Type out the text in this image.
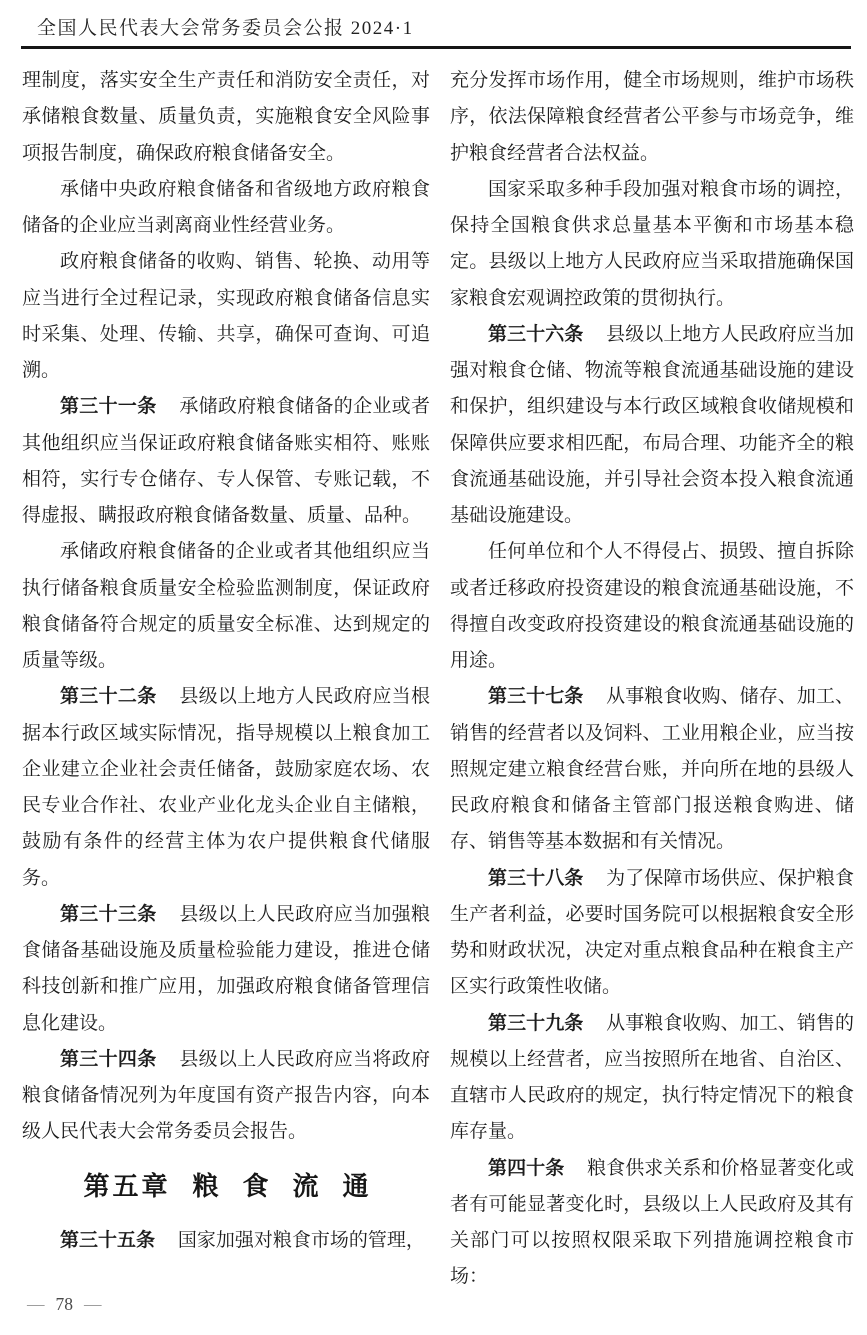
全国人民代表大会常务委员会公报 2024·1

理制度，落实安全生产责任和消防安全责任，对承储粮食数量、质量负责，实施粮食安全风险事项报告制度，确保政府粮食储备安全。

承储中央政府粮食储备和省级地方政府粮食储备的企业应当剥离商业性经营业务。

政府粮食储备的收购、销售、轮换、动用等应当进行全过程记录，实现政府粮食储备信息实时采集、处理、传输、共享，确保可查询、可追溯。

第三十一条 承储政府粮食储备的企业或者其他组织应当保证政府粮食储备账实相符、账账相符，实行专仓储存、专人保管、专账记载，不得虚报、瞒报政府粮食储备数量、质量、品种。

承储政府粮食储备的企业或者其他组织应当执行储备粮食质量安全检验监测制度，保证政府粮食储备符合规定的质量安全标准、达到规定的质量等级。

第三十二条 县级以上地方人民政府应当根据本行政区域实际情况，指导规模以上粮食加工企业建立企业社会责任储备，鼓励家庭农场、农民专业合作社、农业产业化龙头企业自主储粮，鼓励有条件的经营主体为农户提供粮食代储服务。

第三十三条 县级以上人民政府应当加强粮食储备基础设施及质量检验能力建设，推进仓储科技创新和推广应用，加强政府粮食储备管理信息化建设。

第三十四条 县级以上人民政府应当将政府粮食储备情况列为年度国有资产报告内容，向本级人民代表大会常务委员会报告。

第五章 粮食流通

第三十五条 国家加强对粮食市场的管理，

充分发挥市场作用，健全市场规则，维护市场秩序，依法保障粮食经营者公平参与市场竞争，维护粮食经营者合法权益。

国家采取多种手段加强对粮食市场的调控，保持全国粮食供求总量基本平衡和市场基本稳定。县级以上地方人民政府应当采取措施确保国家粮食宏观调控政策的贯彻执行。

第三十六条 县级以上地方人民政府应当加强对粮食仓储、物流等粮食流通基础设施的建设和保护，组织建设与本行政区域粮食收储规模和保障供应要求相匹配，布局合理、功能齐全的粮食流通基础设施，并引导社会资本投入粮食流通基础设施建设。

任何单位和个人不得侵占、损毁、擅自拆除或者迁移政府投资建设的粮食流通基础设施，不得擅自改变政府投资建设的粮食流通基础设施的用途。

第三十七条 从事粮食收购、储存、加工、销售的经营者以及饲料、工业用粮企业，应当按照规定建立粮食经营台账，并向所在地的县级人民政府粮食和储备主管部门报送粮食购进、储存、销售等基本数据和有关情况。

第三十八条 为了保障市场供应、保护粮食生产者利益，必要时国务院可以根据粮食安全形势和财政状况，决定对重点粮食品种在粮食主产区实行政策性收储。

第三十九条 从事粮食收购、加工、销售的规模以上经营者，应当按照所在地省、自治区、直辖市人民政府的规定，执行特定情况下的粮食库存量。

第四十条 粮食供求关系和价格显著变化或者有可能显著变化时，县级以上人民政府及其有关部门可以按照权限采取下列措施调控粮食市场：

— 78 —
